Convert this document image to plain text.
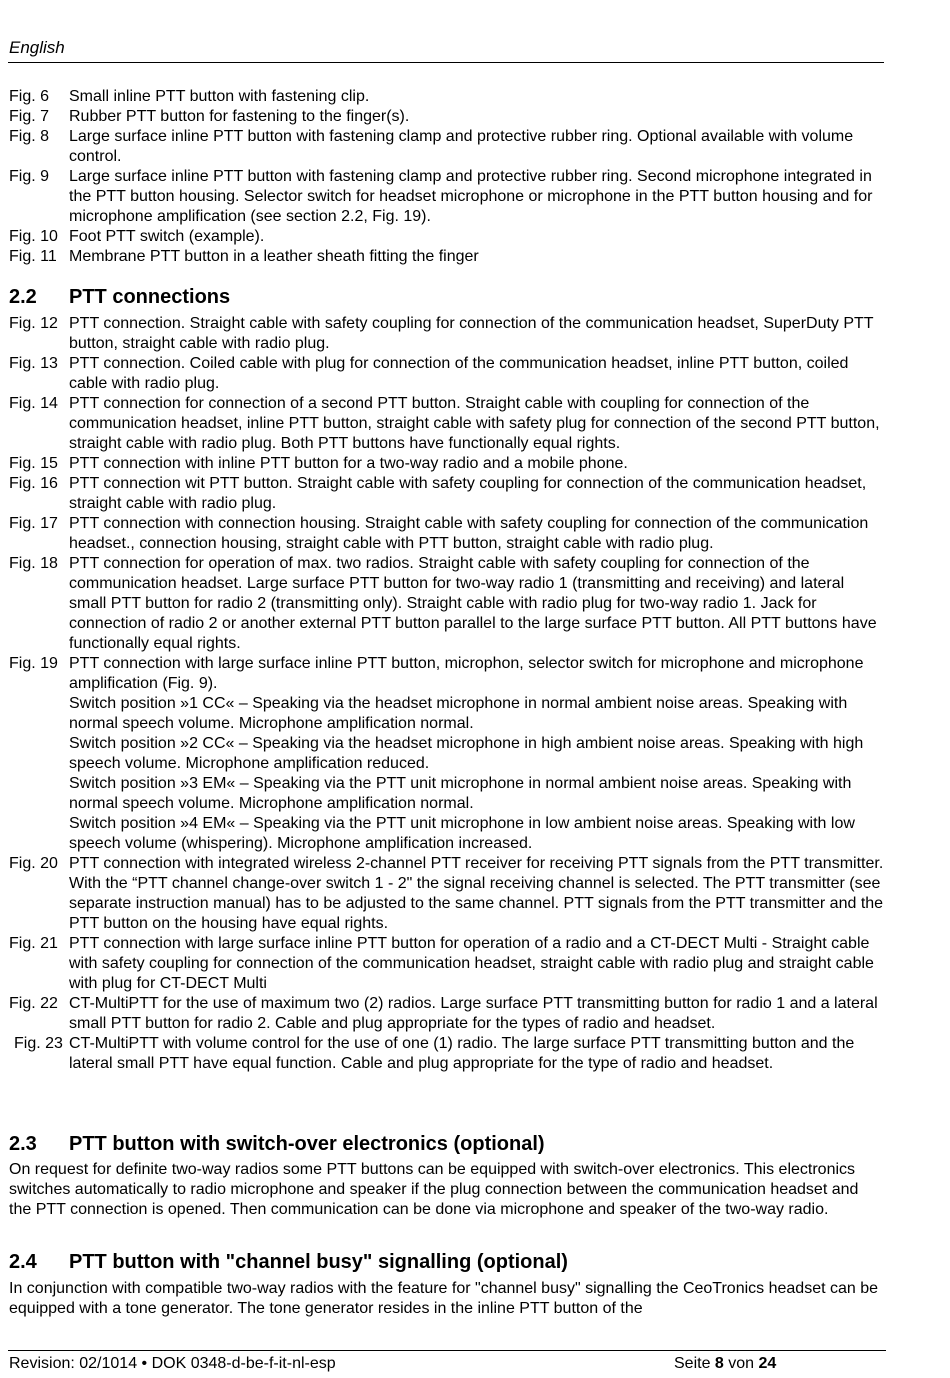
English
Fig. 6 Small inline PTT button with fastening clip.
Fig. 7 Rubber PTT button for fastening to the finger(s).
Fig. 8 Large surface inline PTT button with fastening clamp and protective rubber ring. Optional available with volume control.
Fig. 9 Large surface inline PTT button with fastening clamp and protective rubber ring. Second microphone integrated in the PTT button housing. Selector switch for headset microphone or microphone in the PTT button housing and for microphone amplification (see section 2.2, Fig. 19).
Fig. 10 Foot PTT switch (example).
Fig. 11 Membrane PTT button in a leather sheath fitting the finger
2.2 PTT connections
Fig. 12 PTT connection. Straight cable with safety coupling for connection of the communication headset, SuperDuty PTT button, straight cable with radio plug.
Fig. 13 PTT connection. Coiled cable with plug for connection of the communication headset, inline PTT button, coiled cable with radio plug.
Fig. 14 PTT connection for connection of a second PTT button. Straight cable with coupling for connection of the communication headset, inline PTT button, straight cable with safety plug for connection of the second PTT button, straight cable with radio plug. Both PTT buttons have functionally equal rights.
Fig. 15 PTT connection with inline PTT button for a two-way radio and a mobile phone.
Fig. 16 PTT connection wit PTT button. Straight cable with safety coupling for connection of the communication headset, straight cable with radio plug.
Fig. 17 PTT connection with connection housing. Straight cable with safety coupling for connection of the communication headset., connection housing, straight cable with PTT button, straight cable with radio plug.
Fig. 18 PTT connection for operation of max. two radios. Straight cable with safety coupling for connection of the communication headset. Large surface PTT button for two-way radio 1 (transmitting and receiving) and lateral small PTT button for radio 2 (transmitting only). Straight cable with radio plug for two-way radio 1. Jack for connection of radio 2 or another external PTT button parallel to the large surface PTT button. All PTT buttons have functionally equal rights.
Fig. 19 PTT connection with large surface inline PTT button, microphon, selector switch for microphone and microphone amplification (Fig. 9).
Switch position »1 CC« – Speaking via the headset microphone in normal ambient noise areas. Speaking with normal speech volume. Microphone amplification normal.
Switch position »2 CC« – Speaking via the headset microphone in high ambient noise areas. Speaking with high speech volume. Microphone amplification reduced.
Switch position »3 EM« – Speaking via the PTT unit microphone in normal ambient noise areas. Speaking with normal speech volume. Microphone amplification normal.
Switch position »4 EM« – Speaking via the PTT unit microphone in low ambient noise areas. Speaking with low speech volume (whispering). Microphone amplification increased.
Fig. 20 PTT connection with integrated wireless 2-channel PTT receiver for receiving PTT signals from the PTT transmitter. With the “PTT channel change-over switch 1 - 2" the signal receiving channel is selected. The PTT transmitter (see separate instruction manual) has to be adjusted to the same channel. PTT signals from the PTT transmitter and the PTT button on the housing have equal rights.
Fig. 21 PTT connection with large surface inline PTT button for operation of a radio and a CT-DECT Multi - Straight cable with safety coupling for connection of the communication headset, straight cable with radio plug and straight cable with plug for CT-DECT Multi
Fig. 22 CT-MultiPTT for the use of maximum two (2) radios. Large surface PTT transmitting button for radio 1 and a lateral small PTT button for radio 2. Cable and plug appropriate for the types of radio and headset.
Fig. 23 CT-MultiPTT with volume control for the use of one (1) radio. The large surface PTT transmitting button and the lateral small PTT have equal function. Cable and plug appropriate for the type of radio and headset.
2.3 PTT button with switch-over electronics (optional)
On request for definite two-way radios some PTT buttons can be equipped with switch-over electronics. This electronics switches automatically to radio microphone and speaker if the plug connection between the communication headset and the PTT connection is opened. Then communication can be done via microphone and speaker of the two-way radio.
2.4 PTT button with "channel busy" signalling (optional)
In conjunction with compatible two-way radios with the feature for "channel busy" signalling the CeoTronics headset can be equipped with a tone generator. The tone generator resides in the inline PTT button of the
Revision: 02/1014 • DOK 0348-d-be-f-it-nl-esp	Seite 8 von 24
